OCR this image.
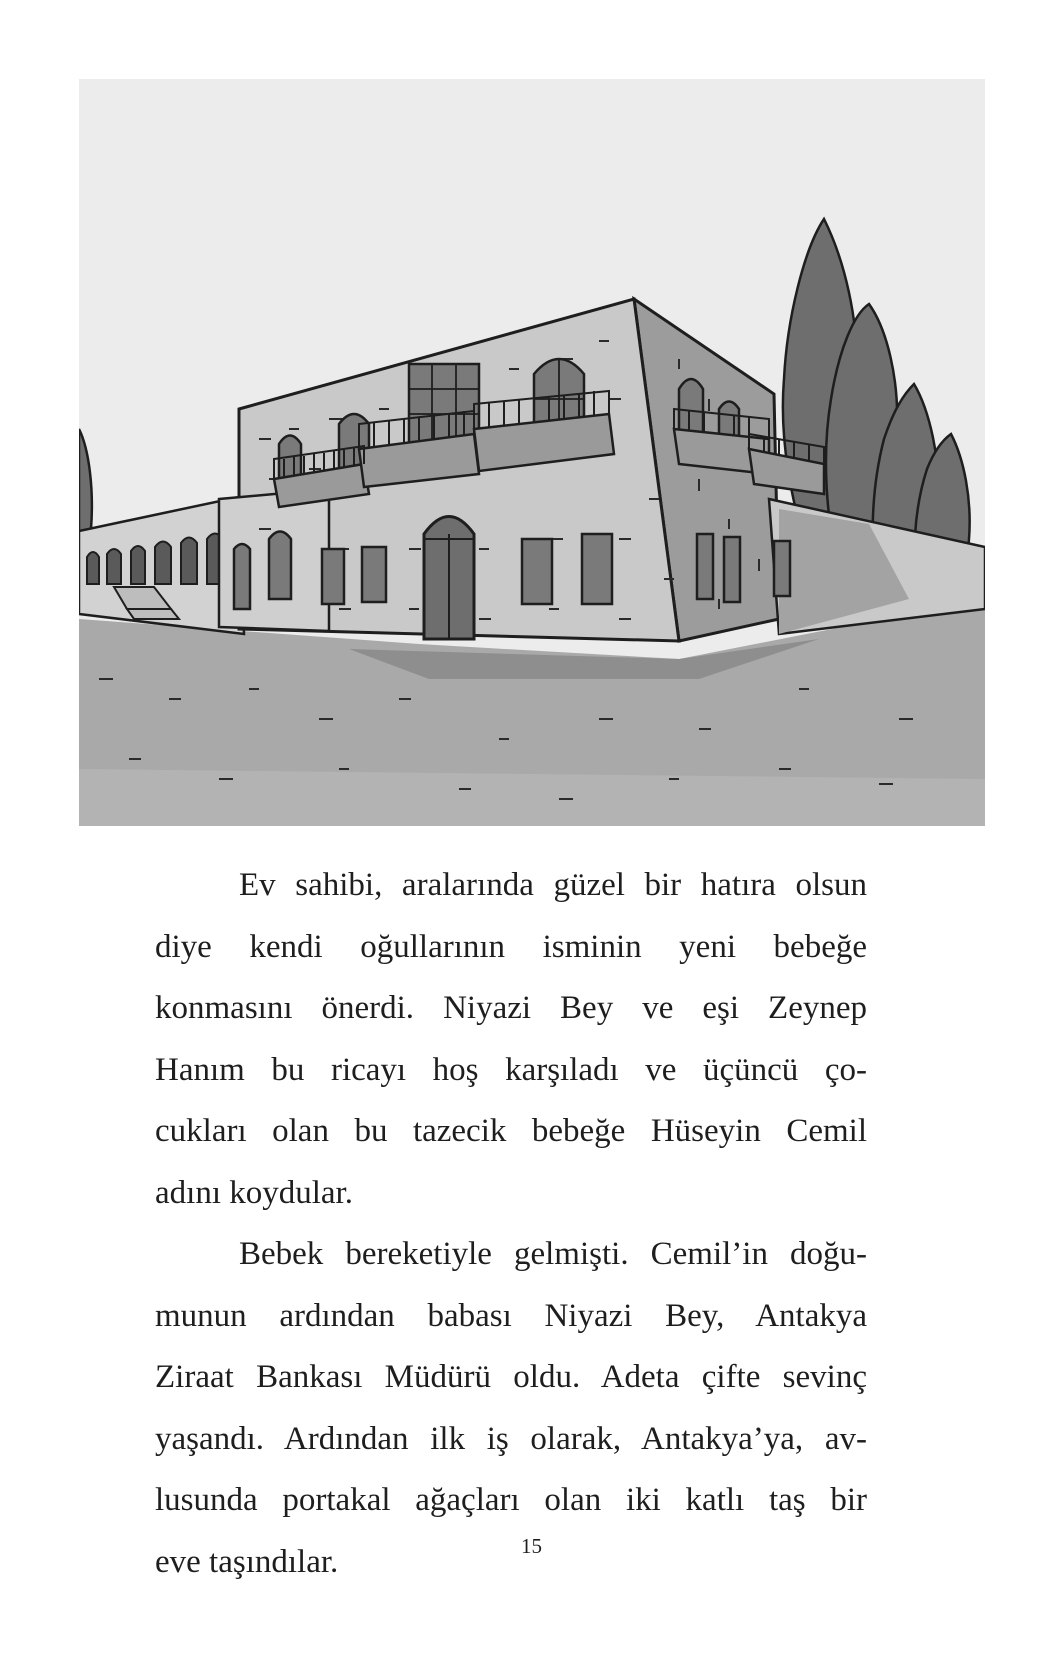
Ev sahibi, aralarında güzel bir hatıra olsun
diye kendi oğullarının isminin yeni bebeğe
konmasını önerdi. Niyazi Bey ve eşi Zeynep
Hanım bu ricayı hoş karşıladı ve üçüncü ço-
cukları olan bu tazecik bebeğe Hüseyin Cemil
adını koydular.

Bebek bereketiyle gelmişti. Cemil’in doğu-
munun ardından babası Niyazi Bey, Antakya
Ziraat Bankası Müdürü oldu. Adeta çifte sevinç
yaşandı. Ardından ilk iş olarak, Antakya’ya, av-
lusunda portakal ağaçları olan iki katlı taş bir
eve taşındılar.	15
